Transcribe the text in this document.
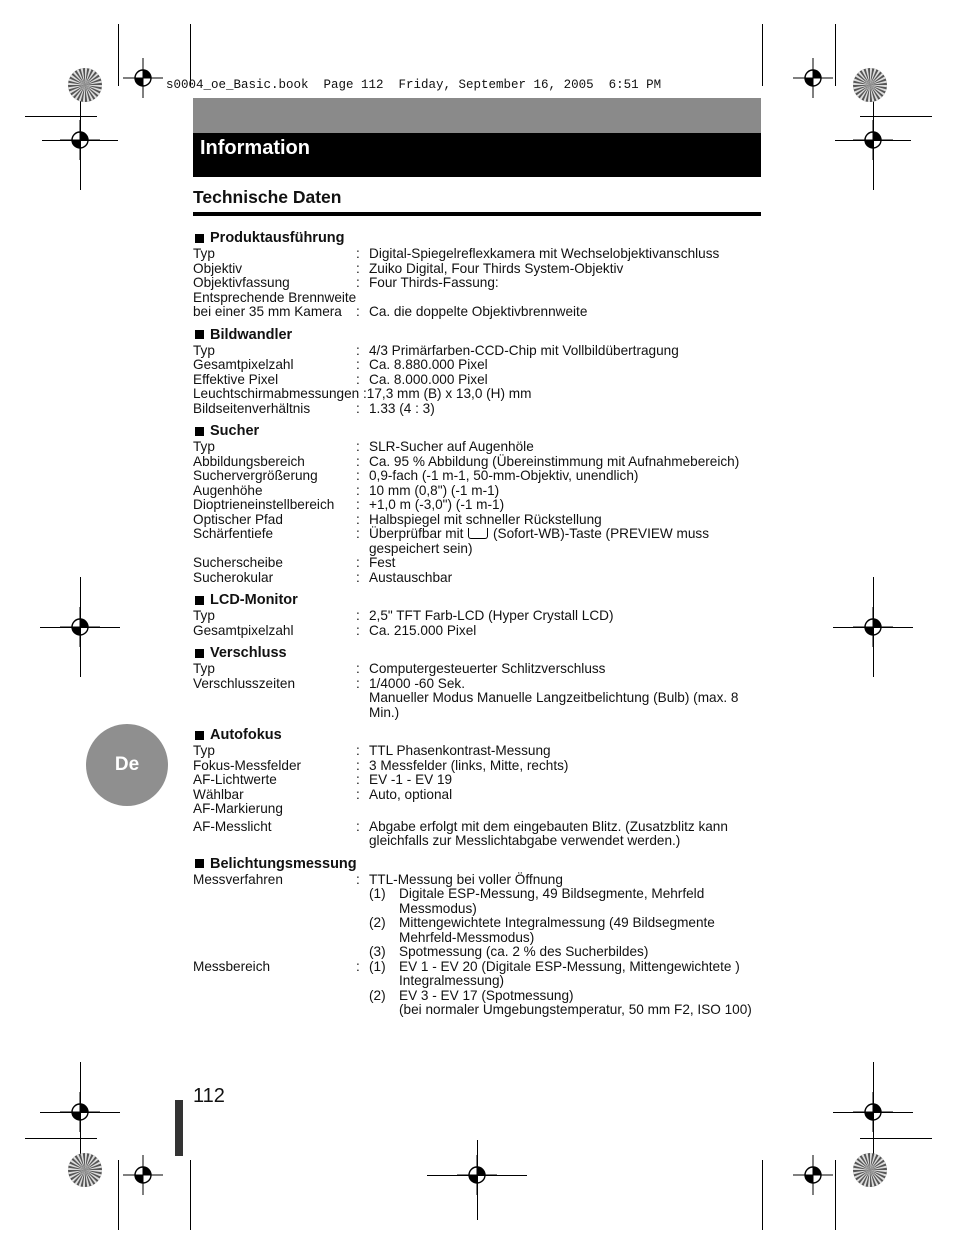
s0004_oe_Basic.book  Page 112  Friday, September 16, 2005  6:51 PM
Information
Technische Daten
Produktausführung
Typ	: Digital-Spiegelreflexkamera mit Wechselobjektivanschluss
Objektiv	: Zuiko Digital, Four Thirds System-Objektiv
Objektivfassung	: Four Thirds-Fassung:
Entsprechende Brennweite
bei einer 35 mm Kamera	: Ca. die doppelte Objektivbrennweite
Bildwandler
Typ	: 4/3 Primärfarben-CCD-Chip mit Vollbildübertragung
Gesamtpixelzahl	: Ca. 8.880.000 Pixel
Effektive Pixel	: Ca. 8.000.000 Pixel
Leuchtschirmabmessungen :17,3 mm (B) x 13,0 (H) mm
Bildseitenverhältnis	: 1.33 (4 : 3)
Sucher
Typ	: SLR-Sucher auf Augenhöle
Abbildungsbereich	: Ca. 95 % Abbildung (Übereinstimmung mit Aufnahmebereich)
Suchervergrößerung	: 0,9-fach (-1 m-1, 50-mm-Objektiv, unendlich)
Augenhöhe	: 10 mm (0,8") (-1 m-1)
Dioptrieneinstellbereich	: +1,0 m (-3,0") (-1 m-1)
Optischer Pfad	: Halbspiegel mit schneller Rückstellung
Schärfentiefe	: Überprüfbar mit (Sofort-WB)-Taste (PREVIEW muss gespeichert sein)
Sucherscheibe	: Fest
Sucherokular	: Austauschbar
LCD-Monitor
Typ	: 2,5" TFT Farb-LCD (Hyper Crystall LCD)
Gesamtpixelzahl	: Ca. 215.000 Pixel
Verschluss
Typ	: Computergesteuerter Schlitzverschluss
Verschlusszeiten	: 1/4000 -60 Sek.
Manueller Modus Manuelle Langzeitbelichtung (Bulb) (max. 8 Min.)
Autofokus
Typ	: TTL Phasenkontrast-Messung
Fokus-Messfelder	: 3 Messfelder (links, Mitte, rechts)
AF-Lichtwerte	: EV -1 - EV 19
Wählbar	: Auto, optional
AF-Markierung
AF-Messlicht	: Abgabe erfolgt mit dem eingebauten Blitz. (Zusatzblitz kann gleichfalls zur Messlichtabgabe verwendet werden.)
Belichtungsmessung
Messverfahren	: TTL-Messung bei voller Öffnung
(1) Digitale ESP-Messung, 49 Bildsegmente, Mehrfeld Messmodus)
(2) Mittengewichtete Integralmessung (49 Bildsegmente Mehrfeld-Messmodus)
(3) Spotmessung (ca. 2 % des Sucherbildes)
Messbereich	: (1) EV 1 - EV 20 (Digitale ESP-Messung, Mittengewichtete ) Integralmessung)
(2) EV 3 - EV 17 (Spotmessung)
(bei normaler Umgebungstemperatur, 50 mm F2, ISO 100)
De
112
